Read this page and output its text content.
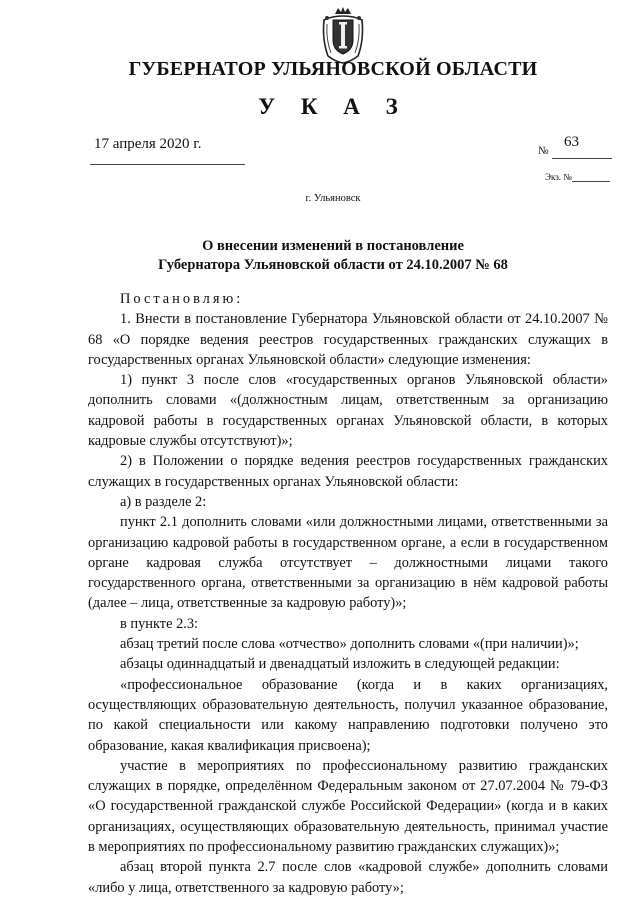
ГУБЕРНАТОР УЛЬЯНОВСКОЙ ОБЛАСТИ
У К А З
17 апреля 2020 г.	№
63
Экз. №
г. Ульяновск
О внесении изменений в постановление
Губернатора Ульяновской области от 24.10.2007 № 68

Постановляю:

1. Внести в постановление Губернатора Ульяновской области от 24.10.2007 № 68 «О порядке ведения реестров государственных гражданских служащих в государственных органах Ульяновской области» следующие изменения:

1) пункт 3 после слов «государственных органов Ульяновской области» дополнить словами «(должностным лицам, ответственным за организацию кадровой работы в государственных органах Ульяновской области, в которых кадровые службы отсутствуют)»;

2) в Положении о порядке ведения реестров государственных гражданских служащих в государственных органах Ульяновской области:

а) в разделе 2:

пункт 2.1 дополнить словами «или должностными лицами, ответственными за организацию кадровой работы в государственном органе, а если в государственном органе кадровая служба отсутствует – должностными лицами такого государственного органа, ответственными за организацию в нём кадровой работы (далее – лица, ответственные за кадровую работу)»;

в пункте 2.3:

абзац третий после слова «отчество» дополнить словами «(при наличии)»;

абзацы одиннадцатый и двенадцатый изложить в следующей редакции:

«профессиональное образование (когда и в каких организациях, осуществляющих образовательную деятельность, получил указанное образование, по какой специальности или какому направлению подготовки получено это образование, какая квалификация присвоена);

участие в мероприятиях по профессиональному развитию гражданских служащих в порядке, определённом Федеральным законом от 27.07.2004 № 79-ФЗ «О государственной гражданской службе Российской Федерации» (когда и в каких организациях, осуществляющих образовательную деятельность, принимал участие в мероприятиях по профессиональному развитию гражданских служащих)»;

абзац второй пункта 2.7 после слов «кадровой службе» дополнить словами «либо у лица, ответственного за кадровую работу»;
